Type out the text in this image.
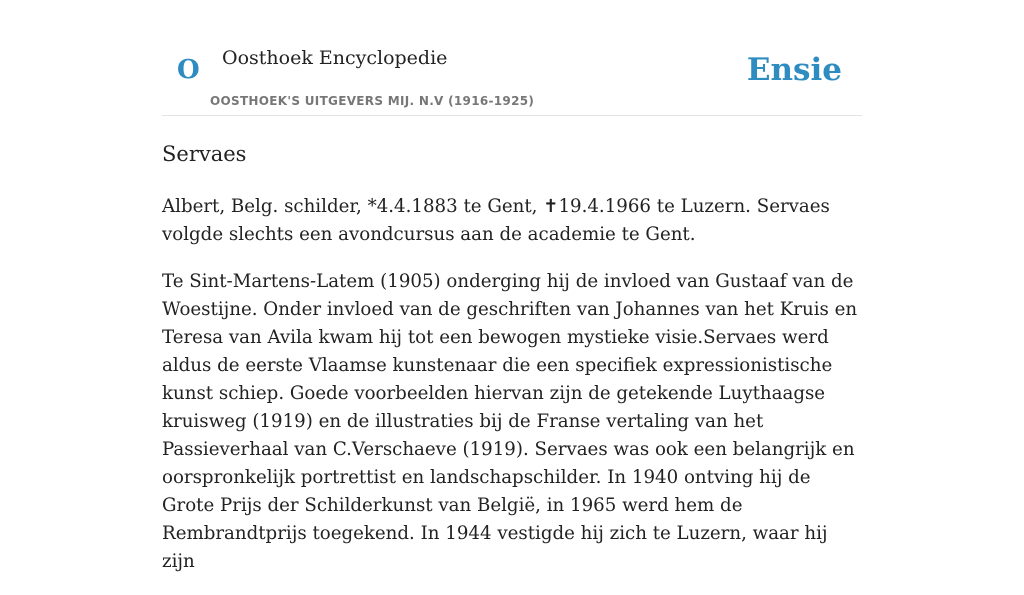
O Oosthoek Encyclopedie
OOSTHOEK'S UITGEVERS MIJ. N.V (1916-1925)
Ensie
Servaes

Albert, Belg. schilder, *4.4.1883 te Gent, ✝19.4.1966 te Luzern. Servaes volgde slechts een avondcursus aan de academie te Gent.

Te Sint-Martens-Latem (1905) onderging hij de invloed van Gustaaf van de Woestijne. Onder invloed van de geschriften van Johannes van het Kruis en Teresa van Avila kwam hij tot een bewogen mystieke visie.Servaes werd aldus de eerste Vlaamse kunstenaar die een specifiek expressionistische kunst schiep. Goede voorbeelden hiervan zijn de getekende Luythaagse kruisweg (1919) en de illustraties bij de Franse vertaling van het Passieverhaal van C.Verschaeve (1919). Servaes was ook een belangrijk en oorspronkelijk portrettist en landschapschilder. In 1940 ontving hij de Grote Prijs der Schilderkunst van België, in 1965 werd hem de Rembrandtprijs toegekend. In 1944 vestigde hij zich te Luzern, waar hij zijn
